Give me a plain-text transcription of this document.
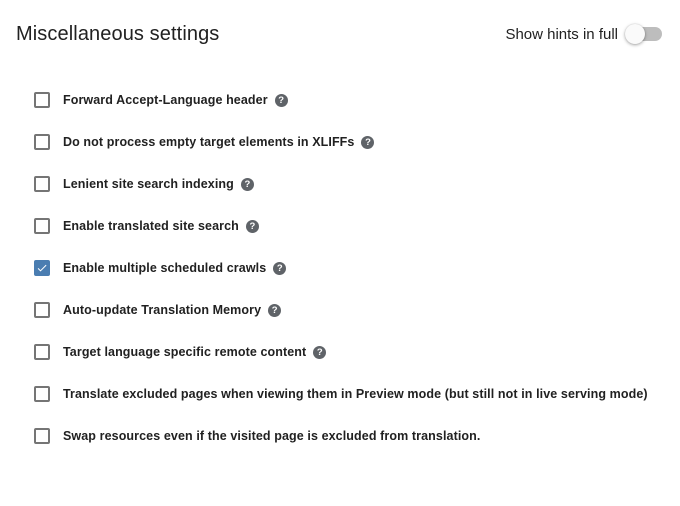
Miscellaneous settings	Show hints in full
Forward Accept-Language header	?
Do not process empty target elements in XLIFFs	?
Lenient site search indexing	?
Enable translated site search	?
Enable multiple scheduled crawls	?
Auto-update Translation Memory	?
Target language specific remote content	?
Translate excluded pages when viewing them in Preview mode (but still not in live serving mode)
Swap resources even if the visited page is excluded from translation.
